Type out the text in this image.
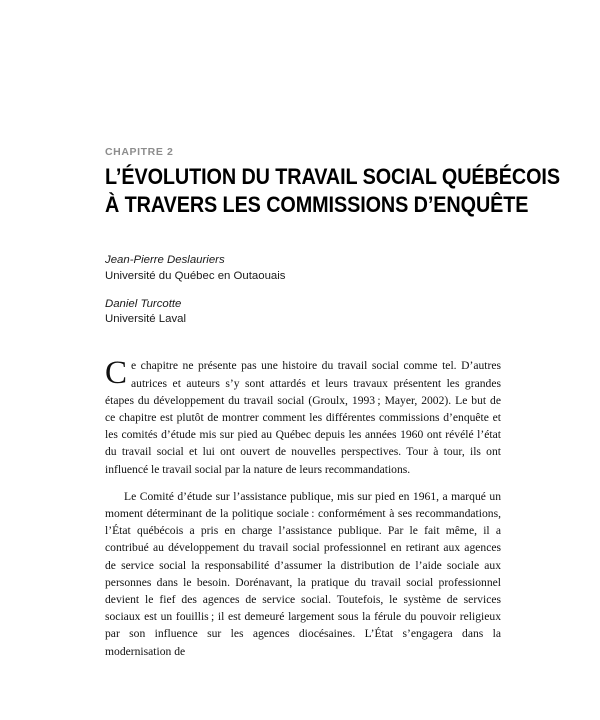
CHAPITRE 2
L’ÉVOLUTION DU TRAVAIL SOCIAL QUÉBÉCOIS
À TRAVERS LES COMMISSIONS D’ENQUÊTE
Jean-Pierre Deslauriers
Université du Québec en Outaouais
Daniel Turcotte
Université Laval

Ce chapitre ne présente pas une histoire du travail social comme tel. D’autres autrices et auteurs s’y sont attardés et leurs travaux présentent les grandes étapes du développement du travail social (Groulx, 1993 ; Mayer, 2002). Le but de ce chapitre est plutôt de montrer comment les différentes commissions d’enquête et les comités d’étude mis sur pied au Québec depuis les années 1960 ont révélé l’état du travail social et lui ont ouvert de nouvelles perspectives. Tour à tour, ils ont influencé le travail social par la nature de leurs recommandations.

Le Comité d’étude sur l’assistance publique, mis sur pied en 1961, a marqué un moment déterminant de la politique sociale : conformément à ses recommandations, l’État québécois a pris en charge l’assistance publique. Par le fait même, il a contribué au développement du travail social professionnel en retirant aux agences de service social la responsabilité d’assumer la distribution de l’aide sociale aux personnes dans le besoin. Dorénavant, la pratique du travail social professionnel devient le fief des agences de service social. Toutefois, le système de services sociaux est un fouillis ; il est demeuré largement sous la férule du pouvoir religieux par son influence sur les agences diocésaines. L’État s’engagera dans la modernisation de
